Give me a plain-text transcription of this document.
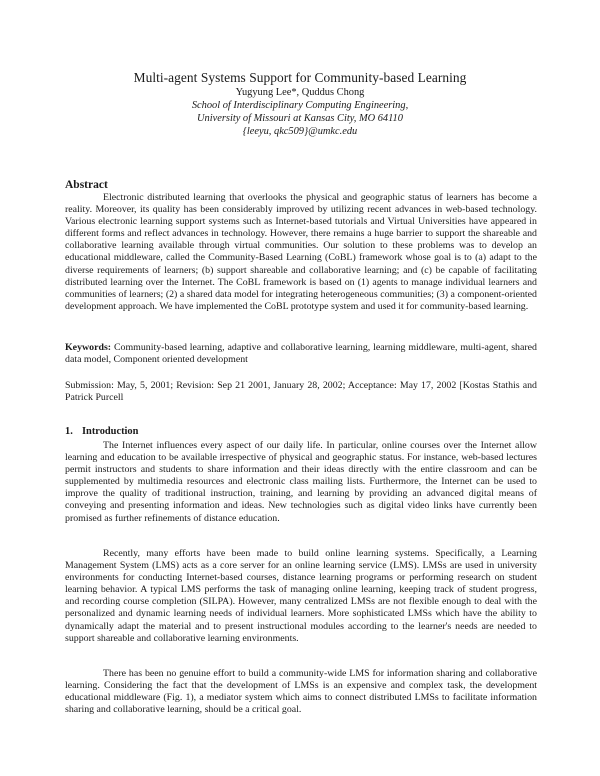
Multi-agent Systems Support for Community-based Learning
Yugyung Lee*, Quddus Chong
School of Interdisciplinary Computing Engineering,
University of Missouri at Kansas City, MO 64110
{leeyu, qkc509}@umkc.edu
Abstract

Electronic distributed learning that overlooks the physical and geographic status of learners has become a reality. Moreover, its quality has been considerably improved by utilizing recent advances in web-based technology. Various electronic learning support systems such as Internet-based tutorials and Virtual Universities have appeared in different forms and reflect advances in technology. However, there remains a huge barrier to support the shareable and collaborative learning available through virtual communities. Our solution to these problems was to develop an educational middleware, called the Community-Based Learning (CoBL) framework whose goal is to (a) adapt to the diverse requirements of learners; (b) support shareable and collaborative learning; and (c) be capable of facilitating distributed learning over the Internet. The CoBL framework is based on (1) agents to manage individual learners and communities of learners; (2) a shared data model for integrating heterogeneous communities; (3) a component-oriented development approach. We have implemented the CoBL prototype system and used it for community-based learning.

Keywords: Community-based learning, adaptive and collaborative learning, learning middleware, multi-agent, shared data model, Component oriented development

Submission: May, 5, 2001; Revision: Sep 21 2001, January 28, 2002; Acceptance: May 17, 2002 [Kostas Stathis and Patrick Purcell

1. Introduction

The Internet influences every aspect of our daily life. In particular, online courses over the Internet allow learning and education to be available irrespective of physical and geographic status. For instance, web-based lectures permit instructors and students to share information and their ideas directly with the entire classroom and can be supplemented by multimedia resources and electronic class mailing lists. Furthermore, the Internet can be used to improve the quality of traditional instruction, training, and learning by providing an advanced digital means of conveying and presenting information and ideas. New technologies such as digital video links have currently been promised as further refinements of distance education.

Recently, many efforts have been made to build online learning systems. Specifically, a Learning Management System (LMS) acts as a core server for an online learning service (LMS). LMSs are used in university environments for conducting Internet-based courses, distance learning programs or performing research on student learning behavior. A typical LMS performs the task of managing online learning, keeping track of student progress, and recording course completion (SILPA). However, many centralized LMSs are not flexible enough to deal with the personalized and dynamic learning needs of individual learners. More sophisticated LMSs which have the ability to dynamically adapt the material and to present instructional modules according to the learner's needs are needed to support shareable and collaborative learning environments.

There has been no genuine effort to build a community-wide LMS for information sharing and collaborative learning. Considering the fact that the development of LMSs is an expensive and complex task, the development educational middleware (Fig. 1), a mediator system which aims to connect distributed LMSs to facilitate information sharing and collaborative learning, should be a critical goal.
